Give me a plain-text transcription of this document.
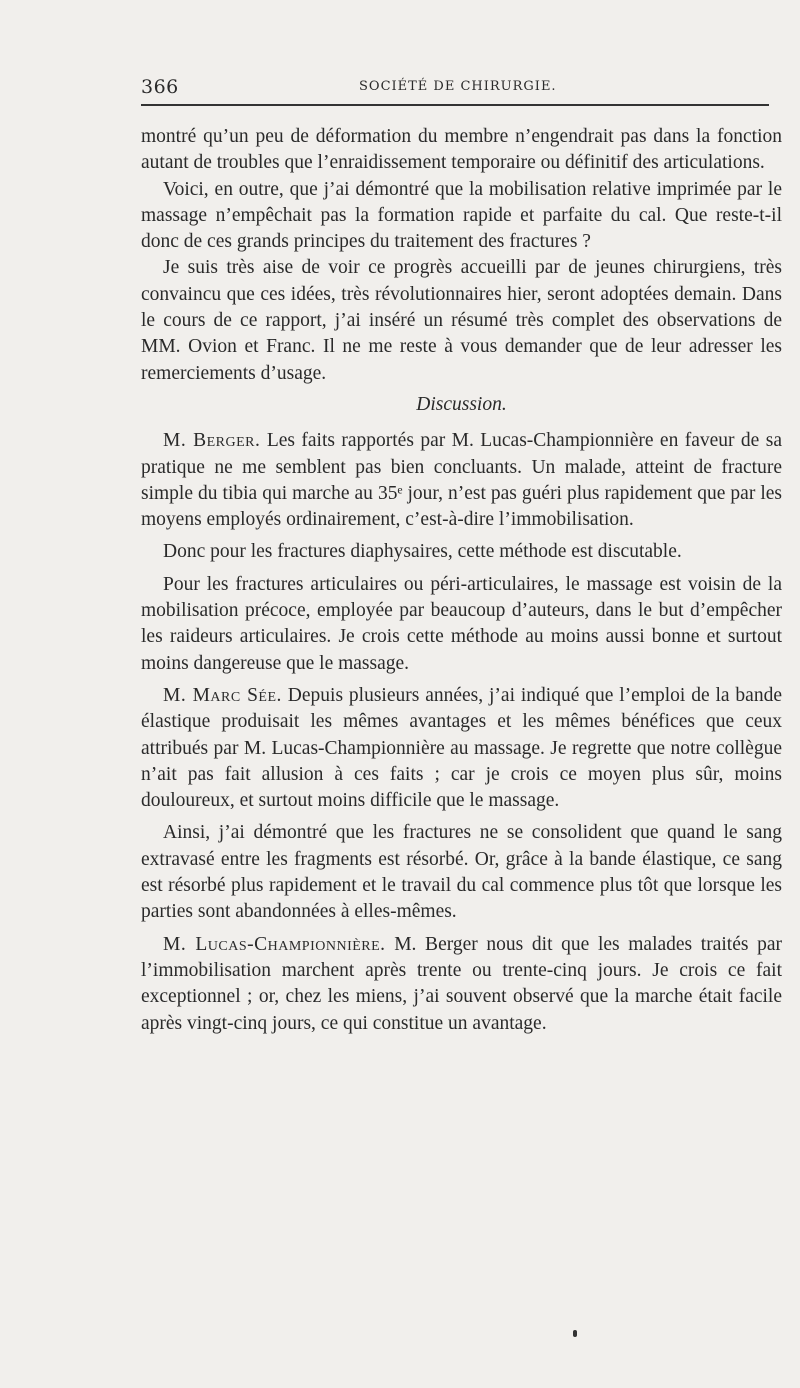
366	SOCIÉTÉ DE CHIRURGIE.

montré qu’un peu de déformation du membre n’engendrait pas dans la fonction autant de troubles que l’enraidissement temporaire ou définitif des articulations.

Voici, en outre, que j’ai démontré que la mobilisation relative imprimée par le massage n’empêchait pas la formation rapide et parfaite du cal. Que reste-t-il donc de ces grands principes du traitement des fractures ?

Je suis très aise de voir ce progrès accueilli par de jeunes chirurgiens, très convaincu que ces idées, très révolutionnaires hier, seront adoptées demain. Dans le cours de ce rapport, j’ai inséré un résumé très complet des observations de MM. Ovion et Franc. Il ne me reste à vous demander que de leur adresser les remerciements d’usage.

Discussion.

M. Berger. Les faits rapportés par M. Lucas-Championnière en faveur de sa pratique ne me semblent pas bien concluants. Un malade, atteint de fracture simple du tibia qui marche au 35ᵉ jour, n’est pas guéri plus rapidement que par les moyens employés ordinairement, c’est-à-dire l’immobilisation.

Donc pour les fractures diaphysaires, cette méthode est discutable.

Pour les fractures articulaires ou péri-articulaires, le massage est voisin de la mobilisation précoce, employée par beaucoup d’auteurs, dans le but d’empêcher les raideurs articulaires. Je crois cette méthode au moins aussi bonne et surtout moins dangereuse que le massage.

M. Marc Sée. Depuis plusieurs années, j’ai indiqué que l’emploi de la bande élastique produisait les mêmes avantages et les mêmes bénéfices que ceux attribués par M. Lucas-Championnière au massage. Je regrette que notre collègue n’ait pas fait allusion à ces faits ; car je crois ce moyen plus sûr, moins douloureux, et surtout moins difficile que le massage.

Ainsi, j’ai démontré que les fractures ne se consolident que quand le sang extravasé entre les fragments est résorbé. Or, grâce à la bande élastique, ce sang est résorbé plus rapidement et le travail du cal commence plus tôt que lorsque les parties sont abandonnées à elles-mêmes.

M. Lucas-Championnière. M. Berger nous dit que les malades traités par l’immobilisation marchent après trente ou trente-cinq jours. Je crois ce fait exceptionnel ; or, chez les miens, j’ai souvent observé que la marche était facile après vingt-cinq jours, ce qui constitue un avantage.
